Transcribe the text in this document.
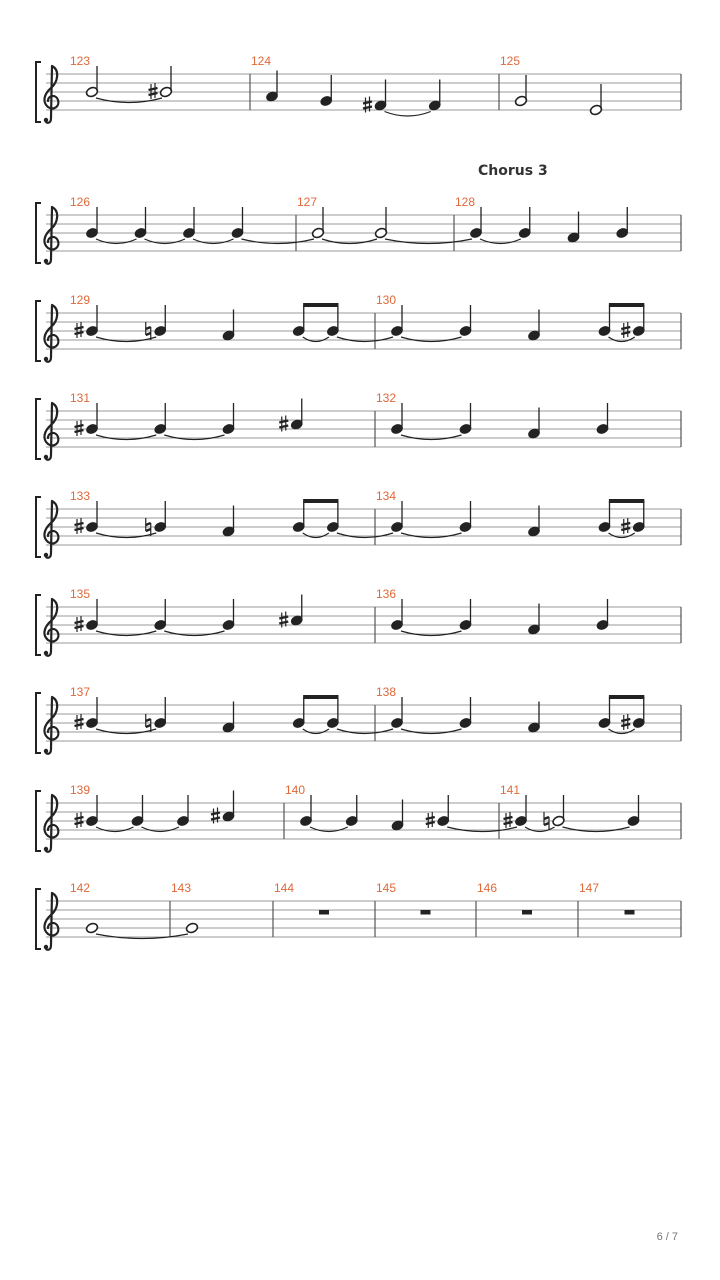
123	124	125
126	127	128
Chorus 3
129	130
131	132
133	134
135	136
137	138
139	140	141
142	143	144	145	146	147
6 / 7
